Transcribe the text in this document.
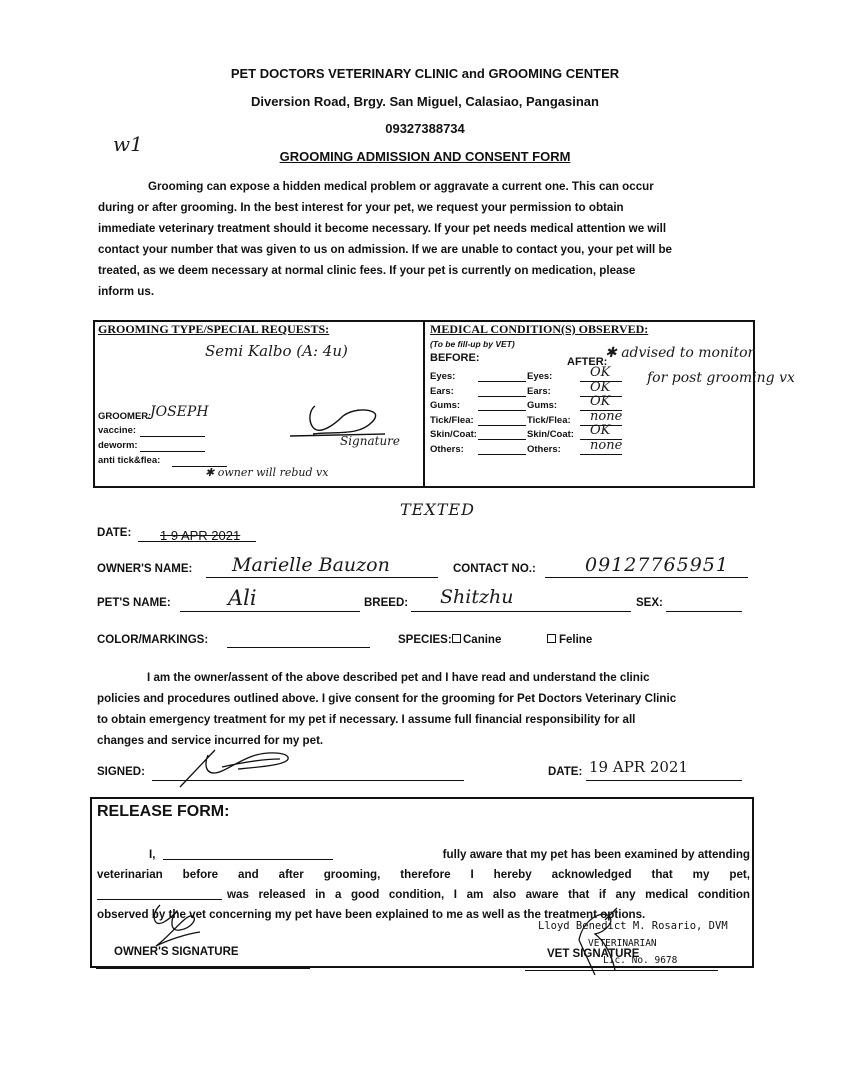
PET DOCTORS VETERINARY CLINIC and GROOMING CENTER
Diversion Road, Brgy. San Miguel, Calasiao, Pangasinan
09327388734
w1
GROOMING ADMISSION AND CONSENT FORM
Grooming can expose a hidden medical problem or aggravate a current one. This can occur
during or after grooming. In the best interest for your pet, we request your permission to obtain
immediate veterinary treatment should it become necessary. If your pet needs medical attention we will
contact your number that was given to us on admission. If we are unable to contact you, your pet will be
treated, as we deem necessary at normal clinic fees. If your pet is currently on medication, please
inform us.
GROOMING TYPE/SPECIAL REQUESTS:
Semi Kalbo (A: 4u)
GROOMER:
JOSEPH
vaccine:
deworm:
anti tick&flea:
Signature
✱ owner will rebud vx
MEDICAL CONDITION(S) OBSERVED:
(To be fill-up by VET)
BEFORE:	AFTER:
Eyes:	Eyes:	OK
Ears:	Ears:	OK
Gums:	Gums:	OK
Tick/Flea:	Tick/Flea: none
Skin/Coat:	Skin/Coat: OK
Others:	Others: none
✱ advised to monitor
for post grooming vx
TEXTED
DATE: 1 9 APR 2021
OWNER'S NAME: Marielle Bauzon	CONTACT NO.:	09127765951
PET'S NAME:	Ali	BREED: Shitzhu	SEX:
COLOR/MARKINGS:	SPECIES: Canine	Feline
I am the owner/assent of the above described pet and I have read and understand the clinic
policies and procedures outlined above. I give consent for the grooming for Pet Doctors Veterinary Clinic
to obtain emergency treatment for my pet if necessary. I assume full financial responsibility for all
changes and service incurred for my pet.
SIGNED:	DATE: 19 APR 2021
RELEASE FORM:
I,	fully aware that my pet has been examined by attending
veterinarian before and after grooming, therefore I hereby acknowledged that my pet,
was released in a good condition, I am also aware that if any medical condition
observed by the vet concerning my pet have been explained to me as well as the treatment options.
OWNER'S SIGNATURE
Lloyd Benedict M. Rosario, DVM
VETERINARIAN
Lic. No. 9678
VET SIGNATURE
